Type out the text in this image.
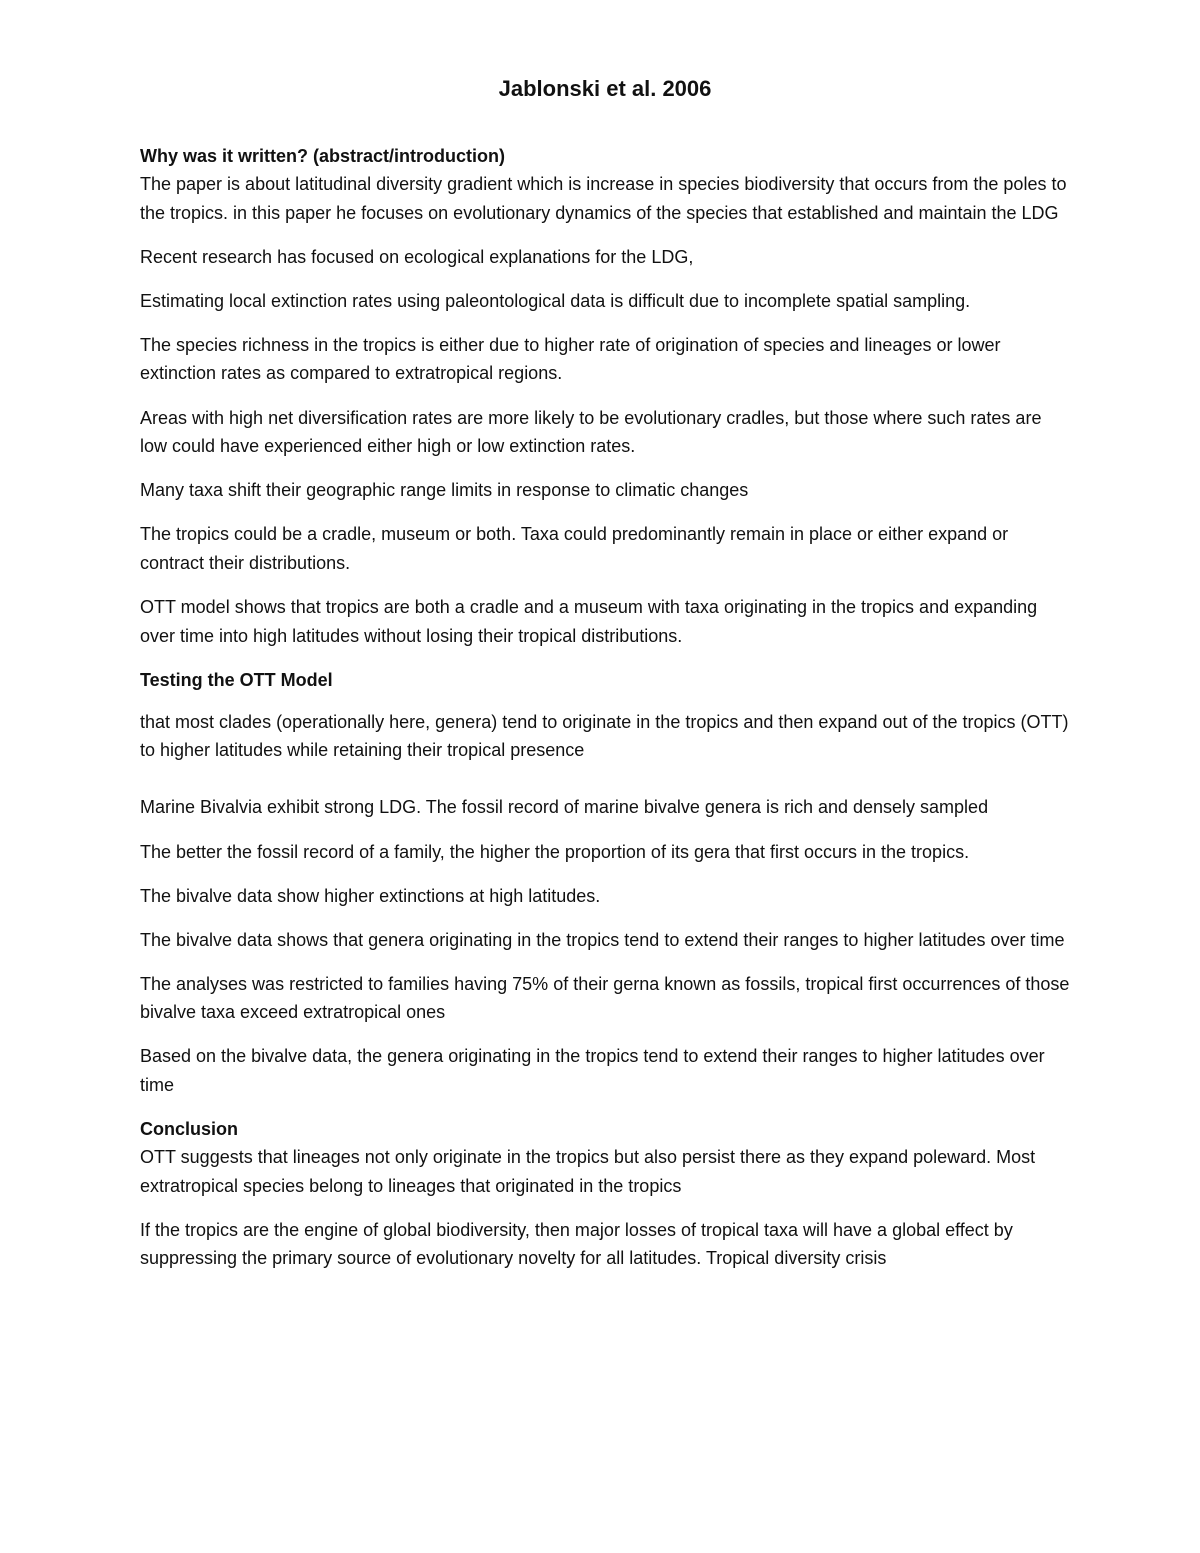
Jablonski et al. 2006

Why was it written? (abstract/introduction)

The paper is about latitudinal diversity gradient which is increase in species biodiversity that occurs from the poles to the tropics. in this paper he focuses on evolutionary dynamics of the species that established and maintain the LDG

Recent research has focused on ecological explanations for the LDG,

Estimating local extinction rates using paleontological data is difficult due to incomplete spatial sampling.

The species richness in the tropics is either due to higher rate of origination of species and lineages or lower extinction rates as compared to extratropical regions.

Areas with high net diversification rates are more likely to be evolutionary cradles, but those where such rates are low could have experienced either high or low extinction rates.

Many taxa shift their geographic range limits in response to climatic changes

The tropics could be a cradle, museum or both. Taxa could predominantly remain in place or either expand or contract their distributions.

OTT model shows that tropics are both a cradle and a museum with taxa originating in the tropics and expanding over time into high latitudes without losing their tropical distributions.

Testing the OTT Model

that most clades (operationally here, genera) tend to originate in the tropics and then expand out of the tropics (OTT) to higher latitudes while retaining their tropical presence

Marine Bivalvia exhibit strong LDG. The fossil record of marine bivalve genera is rich and densely sampled

The better the fossil record of a family, the higher the proportion of its gera that first occurs in the tropics.

The bivalve data show higher extinctions at high latitudes.

The bivalve data shows that genera originating in the tropics tend to extend their ranges to higher latitudes over time

The analyses was restricted to families having 75% of their gerna known as fossils, tropical first occurrences of those bivalve taxa exceed extratropical ones

Based on the bivalve data, the genera originating in the tropics tend to extend their ranges to higher latitudes over time

Conclusion

OTT suggests that lineages not only originate in the tropics but also persist there as they expand poleward. Most extratropical species belong to lineages that originated in the tropics

If the tropics are the engine of global biodiversity, then major losses of tropical taxa will have a global effect by suppressing the primary source of evolutionary novelty for all latitudes. Tropical diversity crisis
